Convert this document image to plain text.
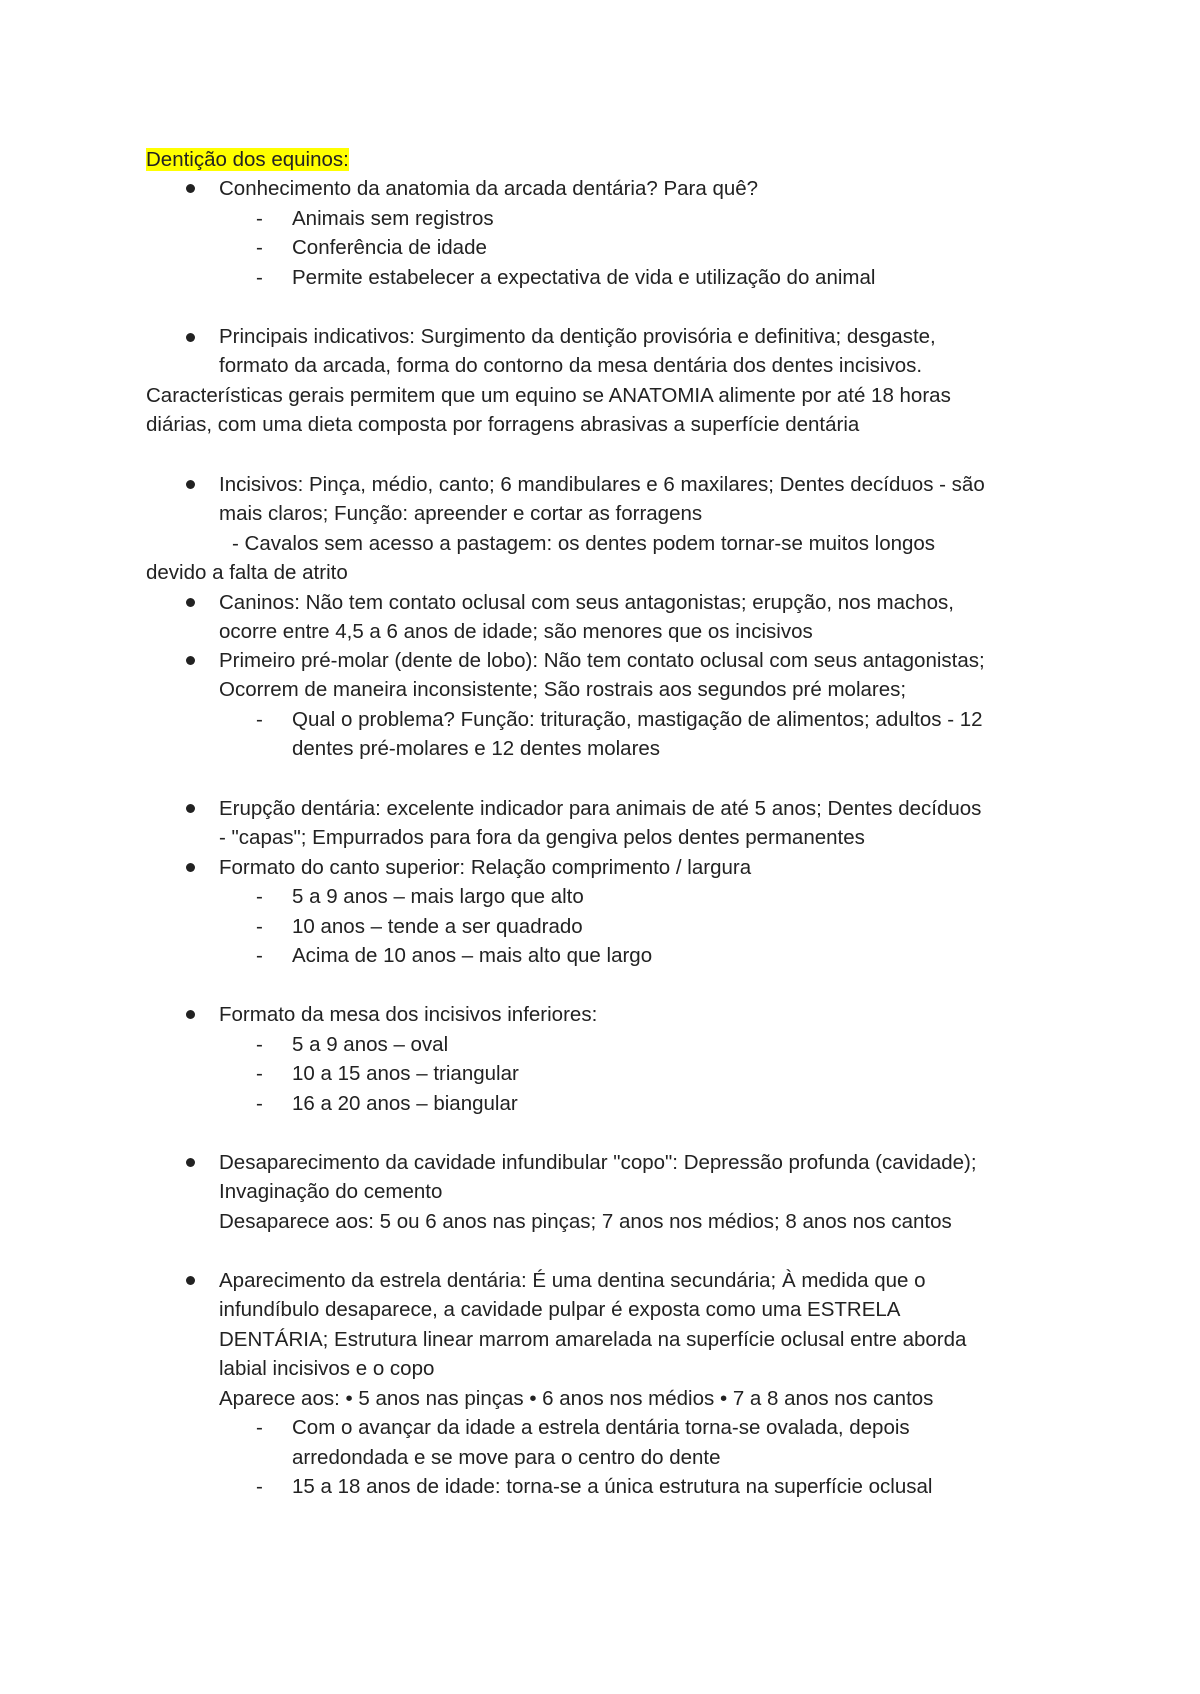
Dentição dos equinos:
Conhecimento da anatomia da arcada dentária? Para quê?
- Animais sem registros
- Conferência de idade
- Permite estabelecer a expectativa de vida e utilização do animal
Principais indicativos: Surgimento da dentição provisória e definitiva; desgaste,
formato da arcada, forma do contorno da mesa dentária dos dentes incisivos.
Características gerais permitem que um equino se ANATOMIA alimente por até 18 horas
diárias, com uma dieta composta por forragens abrasivas a superfície dentária
Incisivos: Pinça, médio, canto; 6 mandibulares e 6 maxilares; Dentes decíduos - são
mais claros; Função: apreender e cortar as forragens
- Cavalos sem acesso a pastagem: os dentes podem tornar-se muitos longos
devido a falta de atrito
Caninos: Não tem contato oclusal com seus antagonistas; erupção, nos machos,
ocorre entre 4,5 a 6 anos de idade; são menores que os incisivos
Primeiro pré-molar (dente de lobo): Não tem contato oclusal com seus antagonistas;
Ocorrem de maneira inconsistente; São rostrais aos segundos pré molares;
- Qual o problema? Função: trituração, mastigação de alimentos; adultos - 12
dentes pré-molares e 12 dentes molares
Erupção dentária: excelente indicador para animais de até 5 anos; Dentes decíduos
- "capas"; Empurrados para fora da gengiva pelos dentes permanentes
Formato do canto superior: Relação comprimento / largura
- 5 a 9 anos – mais largo que alto
- 10 anos – tende a ser quadrado
- Acima de 10 anos – mais alto que largo
Formato da mesa dos incisivos inferiores:
- 5 a 9 anos – oval
- 10 a 15 anos – triangular
- 16 a 20 anos – biangular
Desaparecimento da cavidade infundibular "copo": Depressão profunda (cavidade);
Invaginação do cemento
Desaparece aos: 5 ou 6 anos nas pinças; 7 anos nos médios; 8 anos nos cantos
Aparecimento da estrela dentária: É uma dentina secundária; À medida que o
infundíbulo desaparece, a cavidade pulpar é exposta como uma ESTRELA
DENTÁRIA; Estrutura linear marrom amarelada na superfície oclusal entre aborda
labial incisivos e o copo
Aparece aos: • 5 anos nas pinças • 6 anos nos médios • 7 a 8 anos nos cantos
- Com o avançar da idade a estrela dentária torna-se ovalada, depois
arredondada e se move para o centro do dente
- 15 a 18 anos de idade: torna-se a única estrutura na superfície oclusal
